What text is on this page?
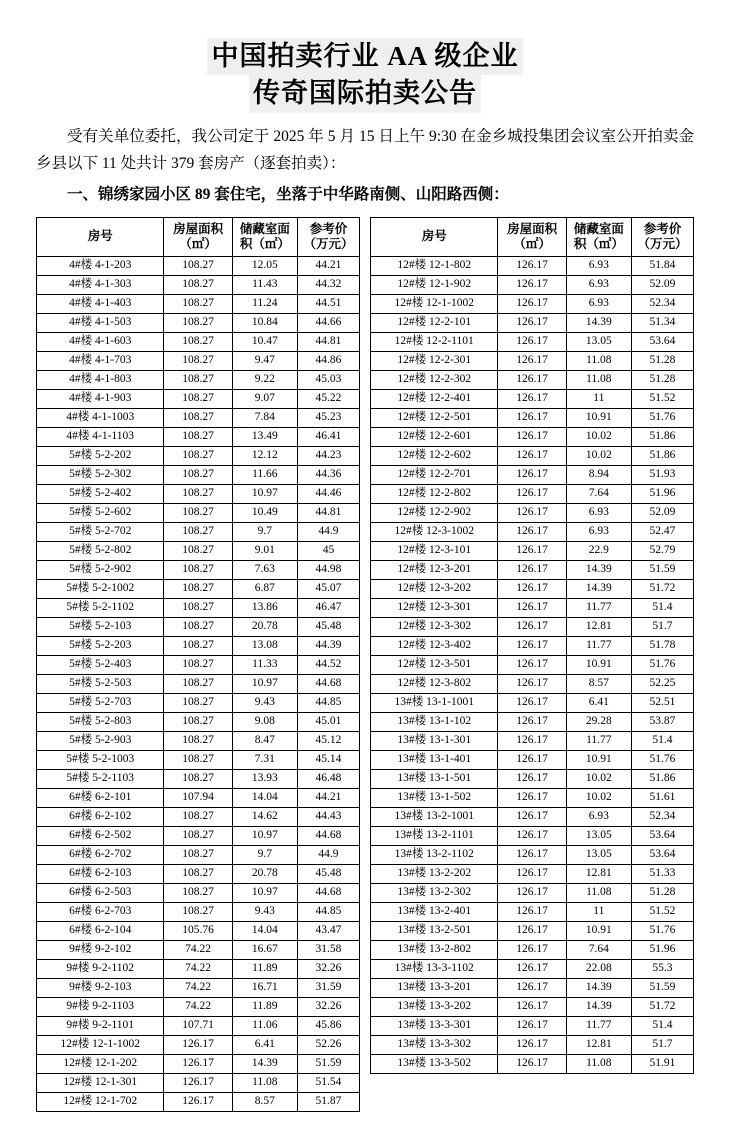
中国拍卖行业 AA 级企业
传奇国际拍卖公告

受有关单位委托，我公司定于 2025 年 5 月 15 日上午 9:30 在金乡城投集团会议室公开拍卖金乡县以下 11 处共计 379 套房产（逐套拍卖）：

一、锦绣家园小区 89 套住宅，坐落于中华路南侧、山阳路西侧：

房号	房屋面积（㎡）	储藏室面积（㎡）	参考价（万元）
4#楼 4-1-203	108.27	12.05	44.21
4#楼 4-1-303	108.27	11.43	44.32
4#楼 4-1-403	108.27	11.24	44.51
4#楼 4-1-503	108.27	10.84	44.66
4#楼 4-1-603	108.27	10.47	44.81
4#楼 4-1-703	108.27	9.47	44.86
4#楼 4-1-803	108.27	9.22	45.03
4#楼 4-1-903	108.27	9.07	45.22
4#楼 4-1-1003	108.27	7.84	45.23
4#楼 4-1-1103	108.27	13.49	46.41
5#楼 5-2-202	108.27	12.12	44.23
5#楼 5-2-302	108.27	11.66	44.36
5#楼 5-2-402	108.27	10.97	44.46
5#楼 5-2-602	108.27	10.49	44.81
5#楼 5-2-702	108.27	9.7	44.9
5#楼 5-2-802	108.27	9.01	45
5#楼 5-2-902	108.27	7.63	44.98
5#楼 5-2-1002	108.27	6.87	45.07
5#楼 5-2-1102	108.27	13.86	46.47
5#楼 5-2-103	108.27	20.78	45.48
5#楼 5-2-203	108.27	13.08	44.39
5#楼 5-2-403	108.27	11.33	44.52
5#楼 5-2-503	108.27	10.97	44.68
5#楼 5-2-703	108.27	9.43	44.85
5#楼 5-2-803	108.27	9.08	45.01
5#楼 5-2-903	108.27	8.47	45.12
5#楼 5-2-1003	108.27	7.31	45.14
5#楼 5-2-1103	108.27	13.93	46.48
6#楼 6-2-101	107.94	14.04	44.21
6#楼 6-2-102	108.27	14.62	44.43
6#楼 6-2-502	108.27	10.97	44.68
6#楼 6-2-702	108.27	9.7	44.9
6#楼 6-2-103	108.27	20.78	45.48
6#楼 6-2-503	108.27	10.97	44.68
6#楼 6-2-703	108.27	9.43	44.85
6#楼 6-2-104	105.76	14.04	43.47
9#楼 9-2-102	74.22	16.67	31.58
9#楼 9-2-1102	74.22	11.89	32.26
9#楼 9-2-103	74.22	16.71	31.59
9#楼 9-2-1103	74.22	11.89	32.26
9#楼 9-2-1101	107.71	11.06	45.86
12#楼 12-1-1002	126.17	6.41	52.26
12#楼 12-1-202	126.17	14.39	51.59
12#楼 12-1-301	126.17	11.08	51.54
12#楼 12-1-702	126.17	8.57	51.87
房号	房屋面积（㎡）	储藏室面积（㎡）	参考价（万元）
12#楼 12-1-802	126.17	6.93	51.84
12#楼 12-1-902	126.17	6.93	52.09
12#楼 12-1-1002	126.17	6.93	52.34
12#楼 12-2-101	126.17	14.39	51.34
12#楼 12-2-1101	126.17	13.05	53.64
12#楼 12-2-301	126.17	11.08	51.28
12#楼 12-2-302	126.17	11.08	51.28
12#楼 12-2-401	126.17	11	51.52
12#楼 12-2-501	126.17	10.91	51.76
12#楼 12-2-601	126.17	10.02	51.86
12#楼 12-2-602	126.17	10.02	51.86
12#楼 12-2-701	126.17	8.94	51.93
12#楼 12-2-802	126.17	7.64	51.96
12#楼 12-2-902	126.17	6.93	52.09
12#楼 12-3-1002	126.17	6.93	52.47
12#楼 12-3-101	126.17	22.9	52.79
12#楼 12-3-201	126.17	14.39	51.59
12#楼 12-3-202	126.17	14.39	51.72
12#楼 12-3-301	126.17	11.77	51.4
12#楼 12-3-302	126.17	12.81	51.7
12#楼 12-3-402	126.17	11.77	51.78
12#楼 12-3-501	126.17	10.91	51.76
12#楼 12-3-802	126.17	8.57	52.25
13#楼 13-1-1001	126.17	6.41	52.51
13#楼 13-1-102	126.17	29.28	53.87
13#楼 13-1-301	126.17	11.77	51.4
13#楼 13-1-401	126.17	10.91	51.76
13#楼 13-1-501	126.17	10.02	51.86
13#楼 13-1-502	126.17	10.02	51.61
13#楼 13-2-1001	126.17	6.93	52.34
13#楼 13-2-1101	126.17	13.05	53.64
13#楼 13-2-1102	126.17	13.05	53.64
13#楼 13-2-202	126.17	12.81	51.33
13#楼 13-2-302	126.17	11.08	51.28
13#楼 13-2-401	126.17	11	51.52
13#楼 13-2-501	126.17	10.91	51.76
13#楼 13-2-802	126.17	7.64	51.96
13#楼 13-3-1102	126.17	22.08	55.3
13#楼 13-3-201	126.17	14.39	51.59
13#楼 13-3-202	126.17	14.39	51.72
13#楼 13-3-301	126.17	11.77	51.4
13#楼 13-3-302	126.17	12.81	51.7
13#楼 13-3-502	126.17	11.08	51.91
